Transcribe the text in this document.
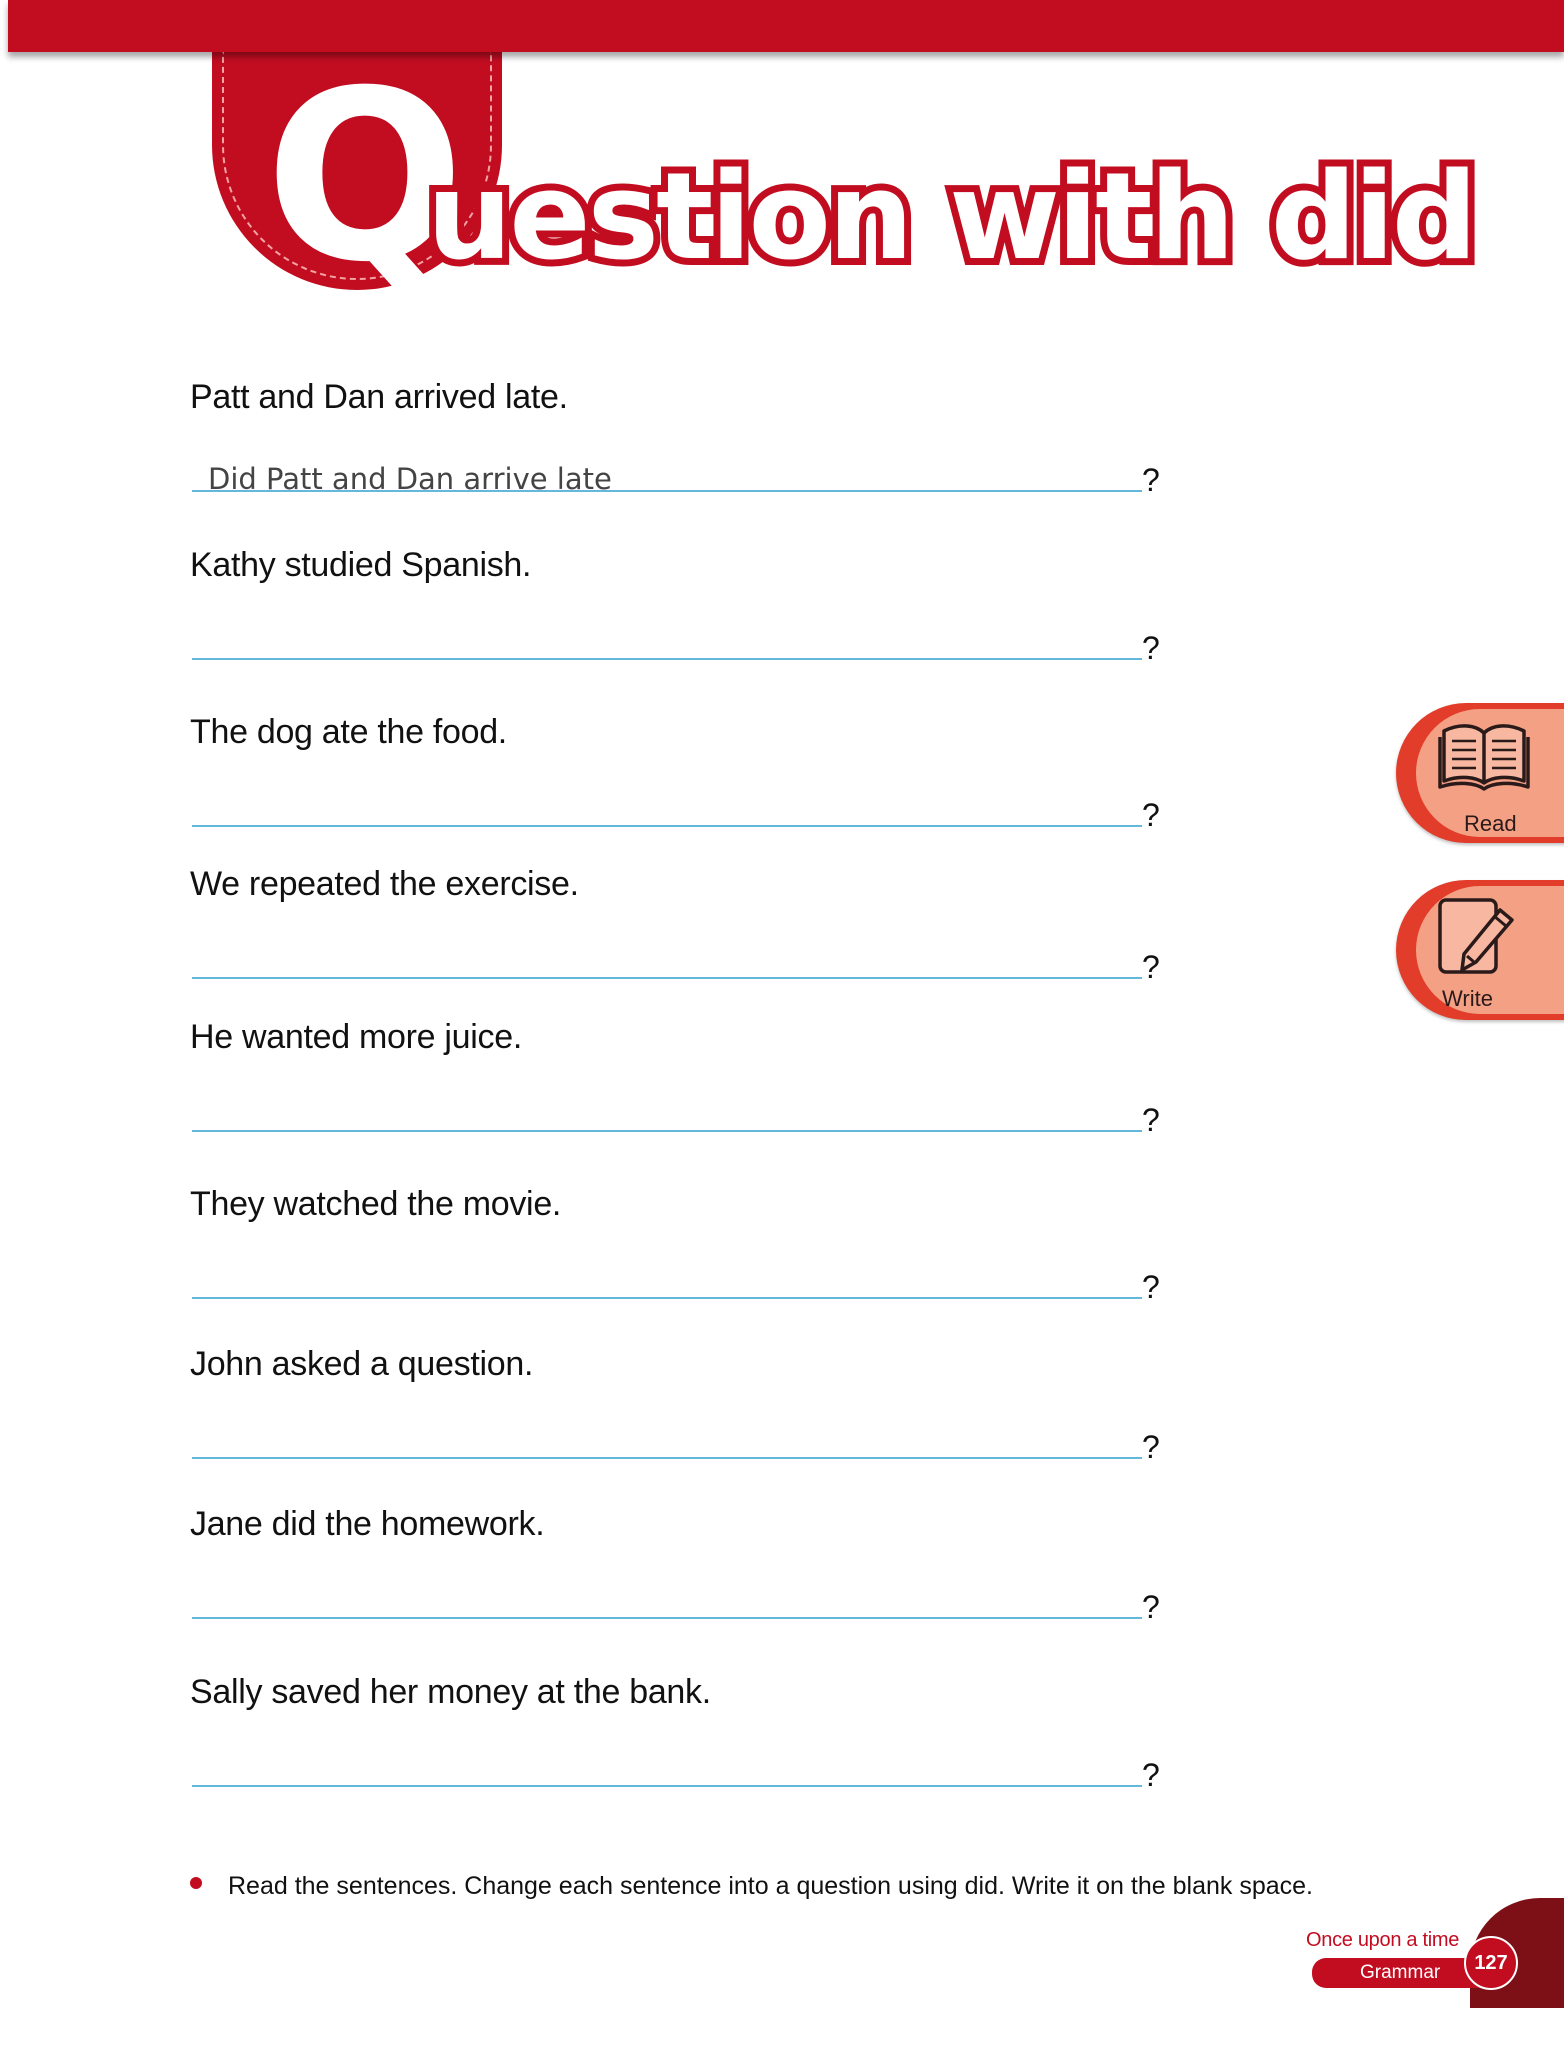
Question with did
Patt and Dan arrived late.
Did Patt and Dan arrive late	?
Kathy studied Spanish.
?
The dog ate the food.
?
We repeated the exercise.
?
He wanted more juice.
?
They watched the movie.
?
John asked a question.
?
Jane did the homework.
?
Sally saved her money at the bank.
?
Read
Write
Read the sentences. Change each sentence into a question using did. Write it on the blank space.
Once upon a time
Grammar	127
